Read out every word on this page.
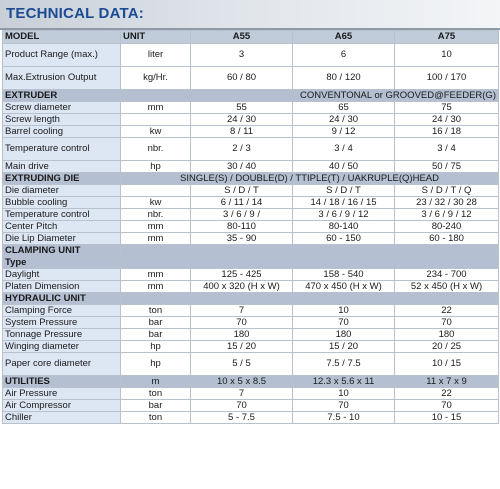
TECHNICAL DATA:
MODEL	UNIT	A55	A65	A75
Product Range (max.)	liter	3	6	10
Max.Extrusion Output	kg/Hr.	60 / 80	80 / 120	100 / 170
EXTRUDER	CONVENTONAL or GROOVED@FEEDER(G)			
Screw diameter	mm	55	65	75
Screw length		24 / 30	24 / 30	24 / 30
Barrel cooling	kw	8 / 11	9 / 12	16 / 18
Temperature control	nbr.	2 / 3	3 / 4	3 / 4
Main drive	hp	30 / 40	40 / 50	50 / 75
EXTRUDING DIE	SINGLE(S) / DOUBLE(D) / TTIPLE(T) / UAKRUPLE(Q)HEAD			
Die diameter		S / D / T	S / D / T	S / D / T / Q
Bubble cooling	kw	6 / 11 / 14	14 / 18 / 16 / 15	23 / 32 / 30 28
Temperature control	nbr.	3 / 6 / 9 /	3 / 6 / 9 / 12	3 / 6 / 9 / 12
Center Pitch	mm	80-110	80-140	80-240
Die Lip Diameter	mm	35 - 90	60 - 150	60 - 180
CLAMPING UNIT				
Type				
Daylight	mm	125 - 425	158 - 540	234 - 700
Platen Dimension	mm	400 x 320 (H x W)	470 x 450 (H x W)	52 x 450 (H x W)
HYDRAULIC UNIT				
Clamping Force	ton	7	10	22
System Pressure	bar	70	70	70
Tonnage Pressure	bar	180	180	180
Winging diameter	hp	15 / 20	15 / 20	20 / 25
Paper core diameter	hp	5 / 5	7.5 / 7.5	10 / 15
UTILITIES	m	10 x 5 x 8.5	12.3 x 5.6 x 11	11 x 7 x 9
Air Pressure	ton	7	10	22
Air Compressor	bar	70	70	70
Chiller	ton	5 - 7.5	7.5 - 10	10 - 15
